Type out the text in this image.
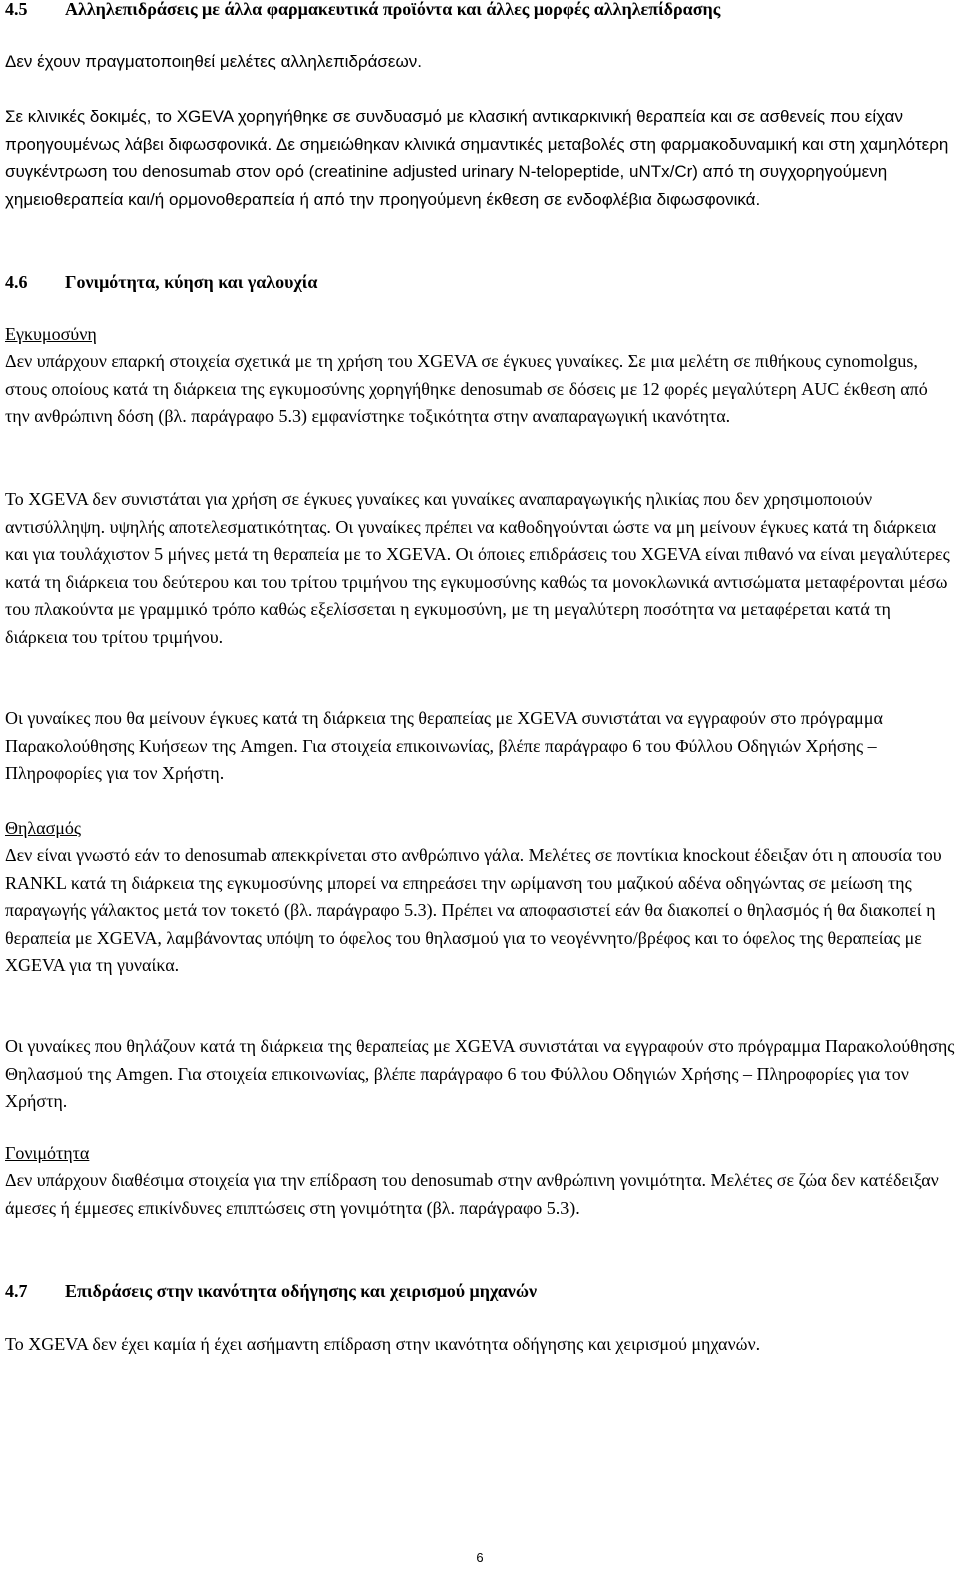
4.5 Αλληλεπιδράσεις με άλλα φαρμακευτικά προϊόντα και άλλες μορφές αλληλεπίδρασης

Δεν έχουν πραγματοποιηθεί μελέτες αλληλεπιδράσεων.

Σε κλινικές δοκιμές, το XGEVA χορηγήθηκε σε συνδυασμό με κλασική αντικαρκινική θεραπεία και σε ασθενείς που είχαν προηγουμένως λάβει διφωσφονικά. Δε σημειώθηκαν κλινικά σημαντικές μεταβολές στη φαρμακοδυναμική και στη χαμηλότερη συγκέντρωση του denosumab στον ορό (creatinine adjusted urinary N-telopeptide, uNTx/Cr) από τη συγχορηγούμενη χημειοθεραπεία και/ή ορμονοθεραπεία ή από την προηγούμενη έκθεση σε ενδοφλέβια διφωσφονικά.

4.6 Γονιμότητα, κύηση και γαλουχία
Εγκυμοσύνη

Δεν υπάρχουν επαρκή στοιχεία σχετικά με τη χρήση του XGEVA σε έγκυες γυναίκες. Σε μια μελέτη σε πιθήκους cynomolgus, στους οποίους κατά τη διάρκεια της εγκυμοσύνης χορηγήθηκε denosumab σε δόσεις με 12 φορές μεγαλύτερη AUC έκθεση από την ανθρώπινη δόση (βλ. παράγραφο 5.3) εμφανίστηκε τοξικότητα στην αναπαραγωγική ικανότητα.

Το XGEVA δεν συνιστάται για χρήση σε έγκυες γυναίκες και γυναίκες αναπαραγωγικής ηλικίας που δεν χρησιμοποιούν αντισύλληψη. υψηλής αποτελεσματικότητας. Οι γυναίκες πρέπει να καθοδηγούνται ώστε να μη μείνουν έγκυες κατά τη διάρκεια και για τουλάχιστον 5 μήνες μετά τη θεραπεία με το XGEVA. Οι όποιες επιδράσεις του XGEVA είναι πιθανό να είναι μεγαλύτερες κατά τη διάρκεια του δεύτερου και του τρίτου τριμήνου της εγκυμοσύνης καθώς τα μονοκλωνικά αντισώματα μεταφέρονται μέσω του πλακούντα με γραμμικό τρόπο καθώς εξελίσσεται η εγκυμοσύνη, με τη μεγαλύτερη ποσότητα να μεταφέρεται κατά τη διάρκεια του τρίτου τριμήνου.

Οι γυναίκες που θα μείνουν έγκυες κατά τη διάρκεια της θεραπείας με XGEVA συνιστάται να εγγραφούν στο πρόγραμμα Παρακολούθησης Κυήσεων της Amgen. Για στοιχεία επικοινωνίας, βλέπε παράγραφο 6 του Φύλλου Οδηγιών Χρήσης – Πληροφορίες για τον Χρήστη.

Θηλασμός

Δεν είναι γνωστό εάν το denosumab απεκκρίνεται στο ανθρώπινο γάλα. Μελέτες σε ποντίκια knockout έδειξαν ότι η απουσία του RANKL κατά τη διάρκεια της εγκυμοσύνης μπορεί να επηρεάσει την ωρίμανση του μαζικού αδένα οδηγώντας σε μείωση της παραγωγής γάλακτος μετά τον τοκετό (βλ. παράγραφο 5.3). Πρέπει να αποφασιστεί εάν θα διακοπεί ο θηλασμός ή θα διακοπεί η θεραπεία με XGEVA, λαμβάνοντας υπόψη το όφελος του θηλασμού για το νεογέννητο/βρέφος και το όφελος της θεραπείας με XGEVA για τη γυναίκα.

Οι γυναίκες που θηλάζουν κατά τη διάρκεια της θεραπείας με XGEVA συνιστάται να εγγραφούν στο πρόγραμμα Παρακολούθησης Θηλασμού της Amgen. Για στοιχεία επικοινωνίας, βλέπε παράγραφο 6 του Φύλλου Οδηγιών Χρήσης – Πληροφορίες για τον Χρήστη.

Γονιμότητα

Δεν υπάρχουν διαθέσιμα στοιχεία για την επίδραση του denosumab στην ανθρώπινη γονιμότητα. Μελέτες σε ζώα δεν κατέδειξαν άμεσες ή έμμεσες επικίνδυνες επιπτώσεις στη γονιμότητα (βλ. παράγραφο 5.3).

4.7 Επιδράσεις στην ικανότητα οδήγησης και χειρισμού μηχανών

Το XGEVA δεν έχει καμία ή έχει ασήμαντη επίδραση στην ικανότητα οδήγησης και χειρισμού μηχανών.

6
